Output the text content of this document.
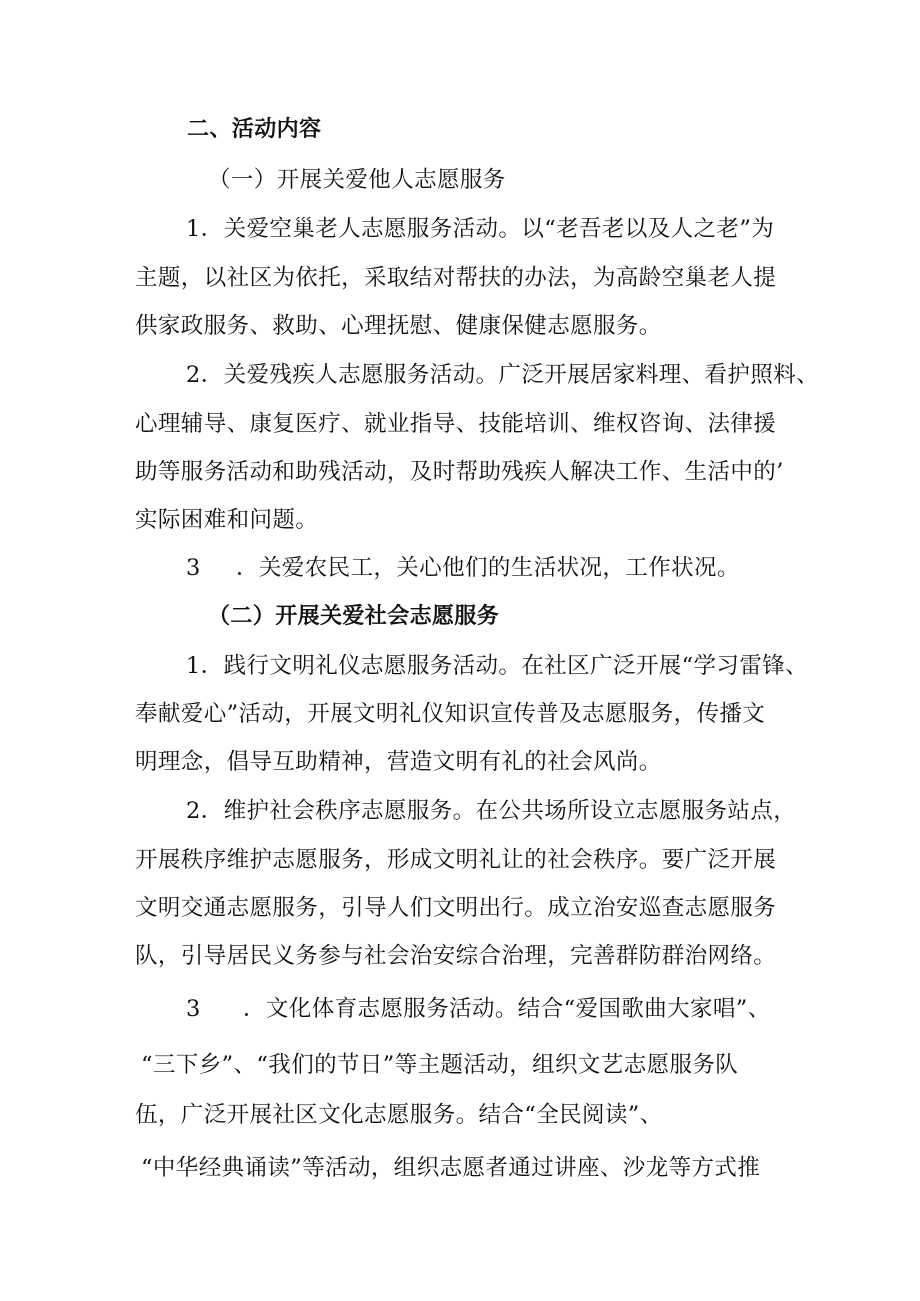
二、活动内容
（一）开展关爱他人志愿服务
1．关爱空巢老人志愿服务活动。以“老吾老以及人之老”为
主题，以社区为依托，采取结对帮扶的办法，为高龄空巢老人提
供家政服务、救助、心理抚慰、健康保健志愿服务。
2．关爱残疾人志愿服务活动。广泛开展居家料理、看护照料、
心理辅导、康复医疗、就业指导、技能培训、维权咨询、法律援
助等服务活动和助残活动，及时帮助残疾人解决工作、生活中的’
实际困难和问题。
3 ．关爱农民工，关心他们的生活状况，工作状况。
（二）开展关爱社会志愿服务
1．践行文明礼仪志愿服务活动。在社区广泛开展“学习雷锋、
奉献爱心”活动，开展文明礼仪知识宣传普及志愿服务，传播文
明理念，倡导互助精神，营造文明有礼的社会风尚。
2．维护社会秩序志愿服务。在公共场所设立志愿服务站点，
开展秩序维护志愿服务，形成文明礼让的社会秩序。要广泛开展
文明交通志愿服务，引导人们文明出行。成立治安巡查志愿服务
队，引导居民义务参与社会治安综合治理，完善群防群治网络。
3 ．文化体育志愿服务活动。结合“爱国歌曲大家唱”、
“三下乡”、“我们的节日”等主题活动，组织文艺志愿服务队
伍，广泛开展社区文化志愿服务。结合“全民阅读”、
“中华经典诵读”等活动，组织志愿者通过讲座、沙龙等方式推
